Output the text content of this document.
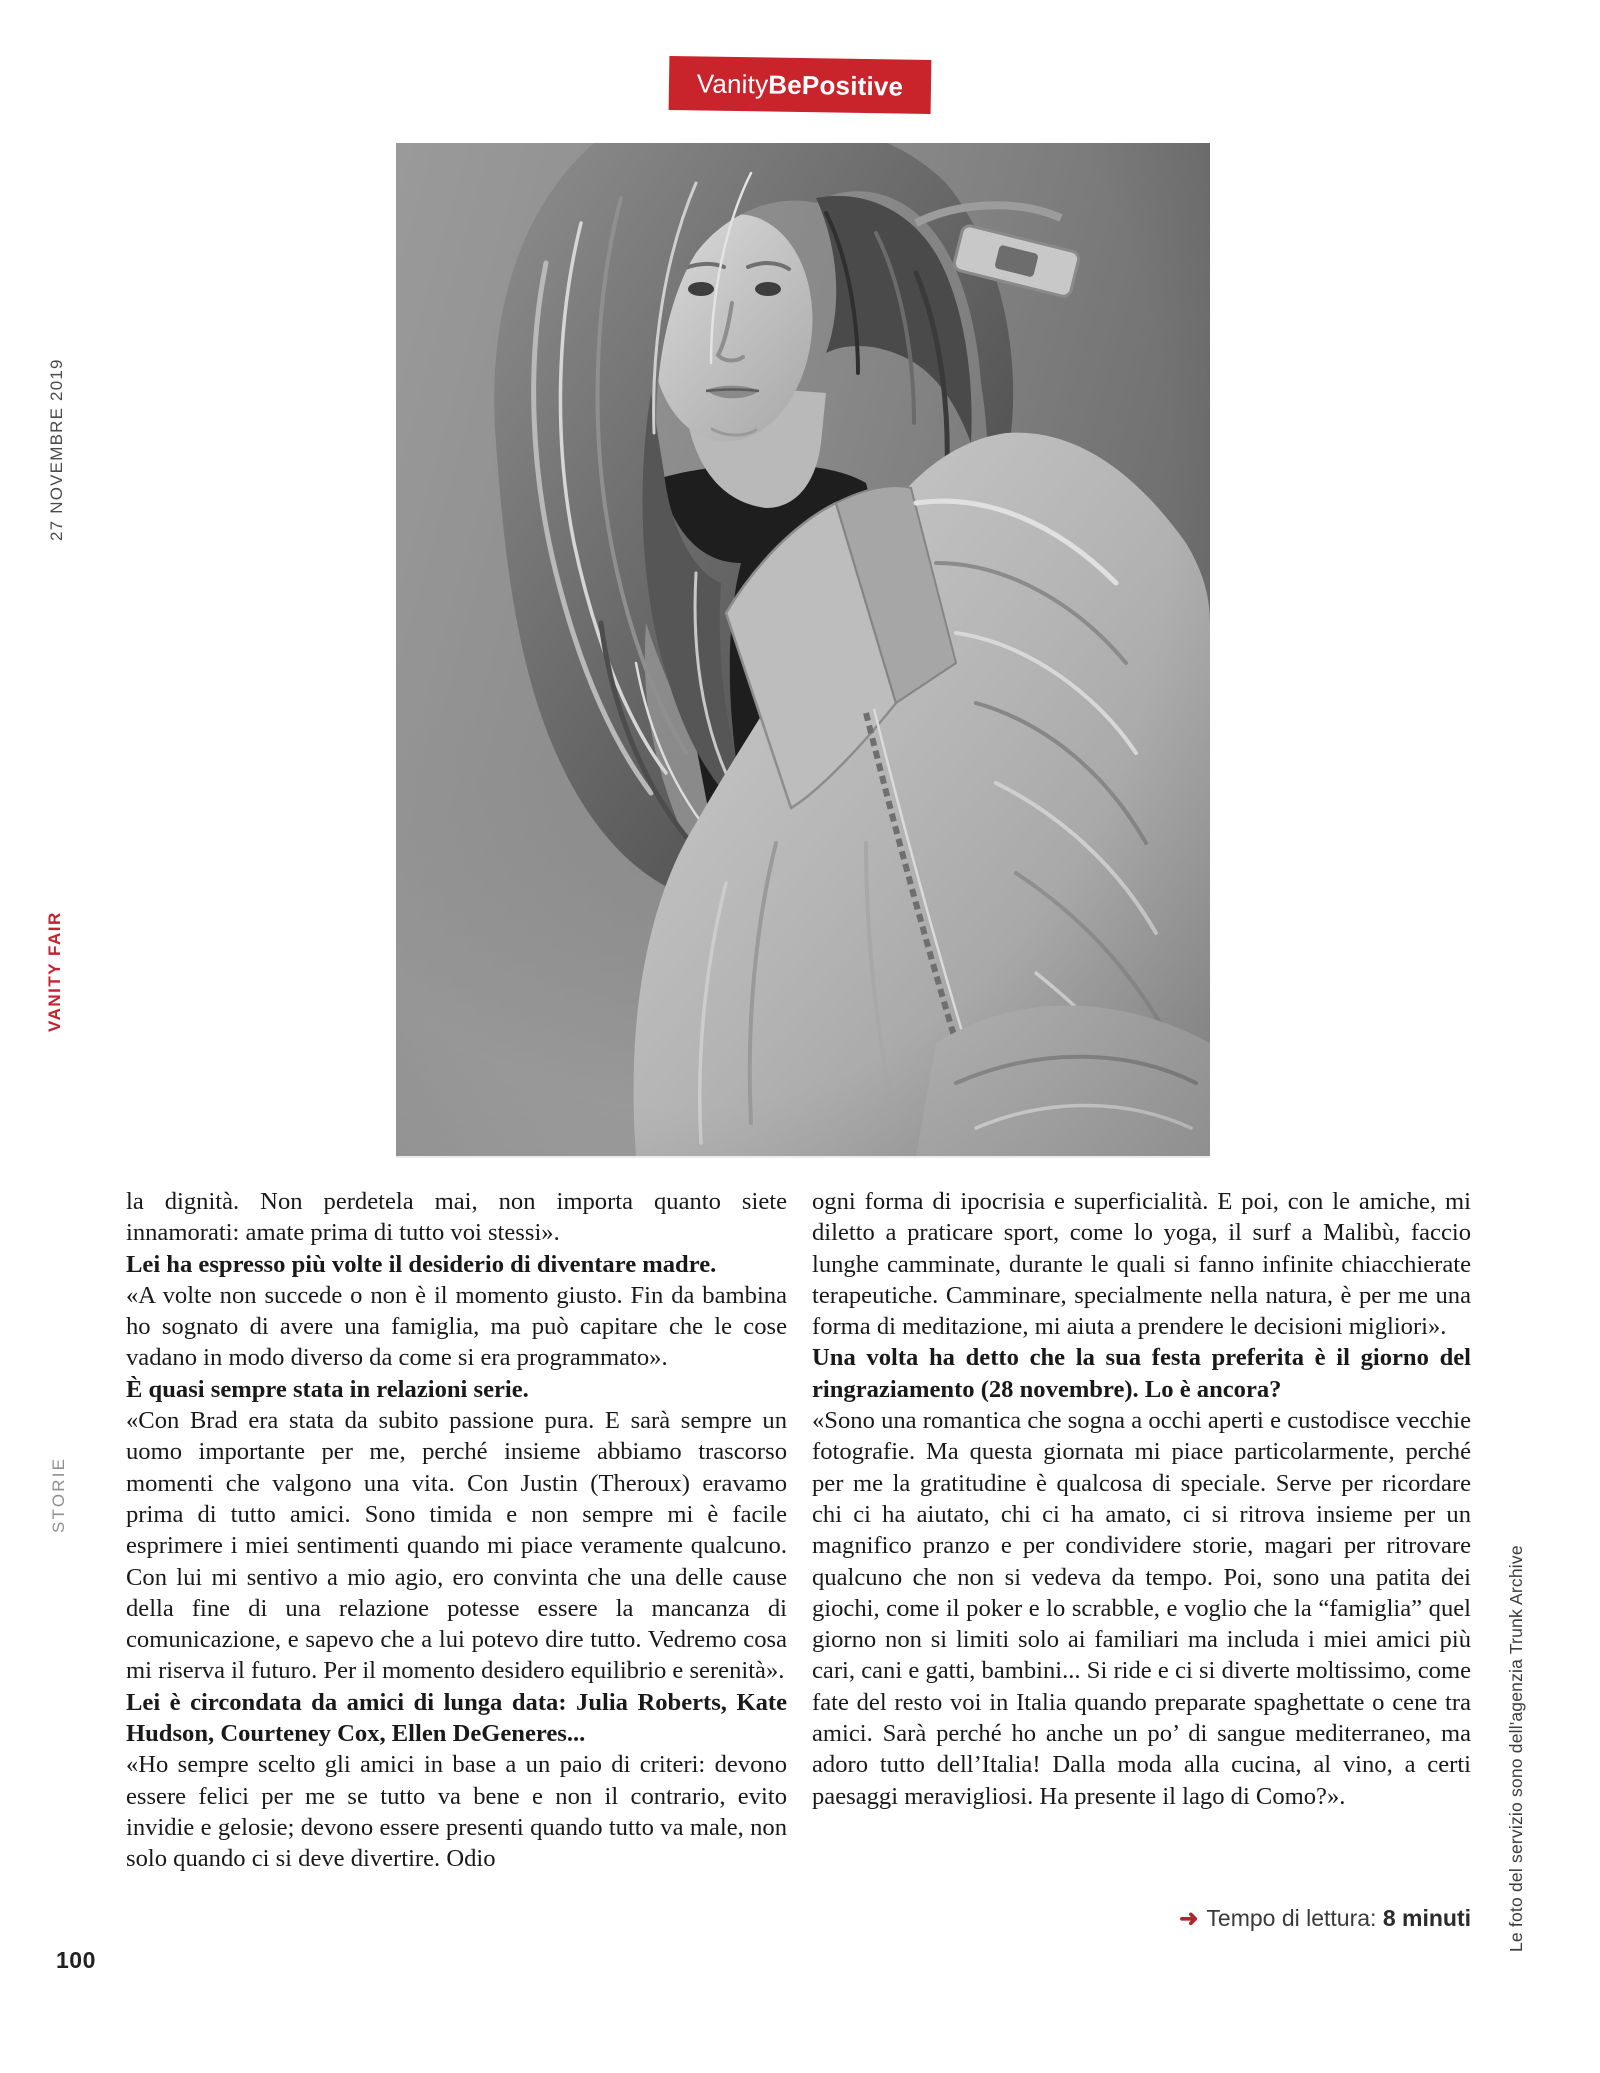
Vanity BePositive
27 NOVEMBRE 2019
VANITY FAIR
STORIE
Le foto del servizio sono dell'agenzia Trunk Archive

la dignità. Non perdetela mai, non importa quanto siete innamorati: amate prima di tutto voi stessi».

Lei ha espresso più volte il desiderio di diventare madre.

«A volte non succede o non è il momento giusto. Fin da bambina ho sognato di avere una famiglia, ma può capitare che le cose vadano in modo diverso da come si era programmato».

È quasi sempre stata in relazioni serie.

«Con Brad era stata da subito passione pura. E sarà sempre un uomo importante per me, perché insieme abbiamo trascorso momenti che valgono una vita. Con Justin (Theroux) eravamo prima di tutto amici. Sono timida e non sempre mi è facile esprimere i miei sentimenti quando mi piace veramente qualcuno. Con lui mi sentivo a mio agio, ero convinta che una delle cause della fine di una relazione potesse essere la mancanza di comunicazione, e sapevo che a lui potevo dire tutto. Vedremo cosa mi riserva il futuro. Per il momento desidero equilibrio e serenità».

Lei è circondata da amici di lunga data: Julia Roberts, Kate Hudson, Courteney Cox, Ellen DeGeneres...

«Ho sempre scelto gli amici in base a un paio di criteri: devono essere felici per me se tutto va bene e non il contrario, evito invidie e gelosie; devono essere presenti quando tutto va male, non solo quando ci si deve divertire. Odio

ogni forma di ipocrisia e superficialità. E poi, con le amiche, mi diletto a praticare sport, come lo yoga, il surf a Malibù, faccio lunghe camminate, durante le quali si fanno infinite chiacchierate terapeutiche. Camminare, specialmente nella natura, è per me una forma di meditazione, mi aiuta a prendere le decisioni migliori».

Una volta ha detto che la sua festa preferita è il giorno del ringraziamento (28 novembre). Lo è ancora?

«Sono una romantica che sogna a occhi aperti e custodisce vecchie fotografie. Ma questa giornata mi piace particolarmente, perché per me la gratitudine è qualcosa di speciale. Serve per ricordare chi ci ha aiutato, chi ci ha amato, ci si ritrova insieme per un magnifico pranzo e per condividere storie, magari per ritrovare qualcuno che non si vedeva da tempo. Poi, sono una patita dei giochi, come il poker e lo scrabble, e voglio che la “famiglia” quel giorno non si limiti solo ai familiari ma includa i miei amici più cari, cani e gatti, bambini... Si ride e ci si diverte moltissimo, come fate del resto voi in Italia quando preparate spaghettate o cene tra amici. Sarà perché ho anche un po’ di sangue mediterraneo, ma adoro tutto dell’Italia! Dalla moda alla cucina, al vino, a certi paesaggi meravigliosi. Ha presente il lago di Como?».

➜ Tempo di lettura: 8 minuti
100
